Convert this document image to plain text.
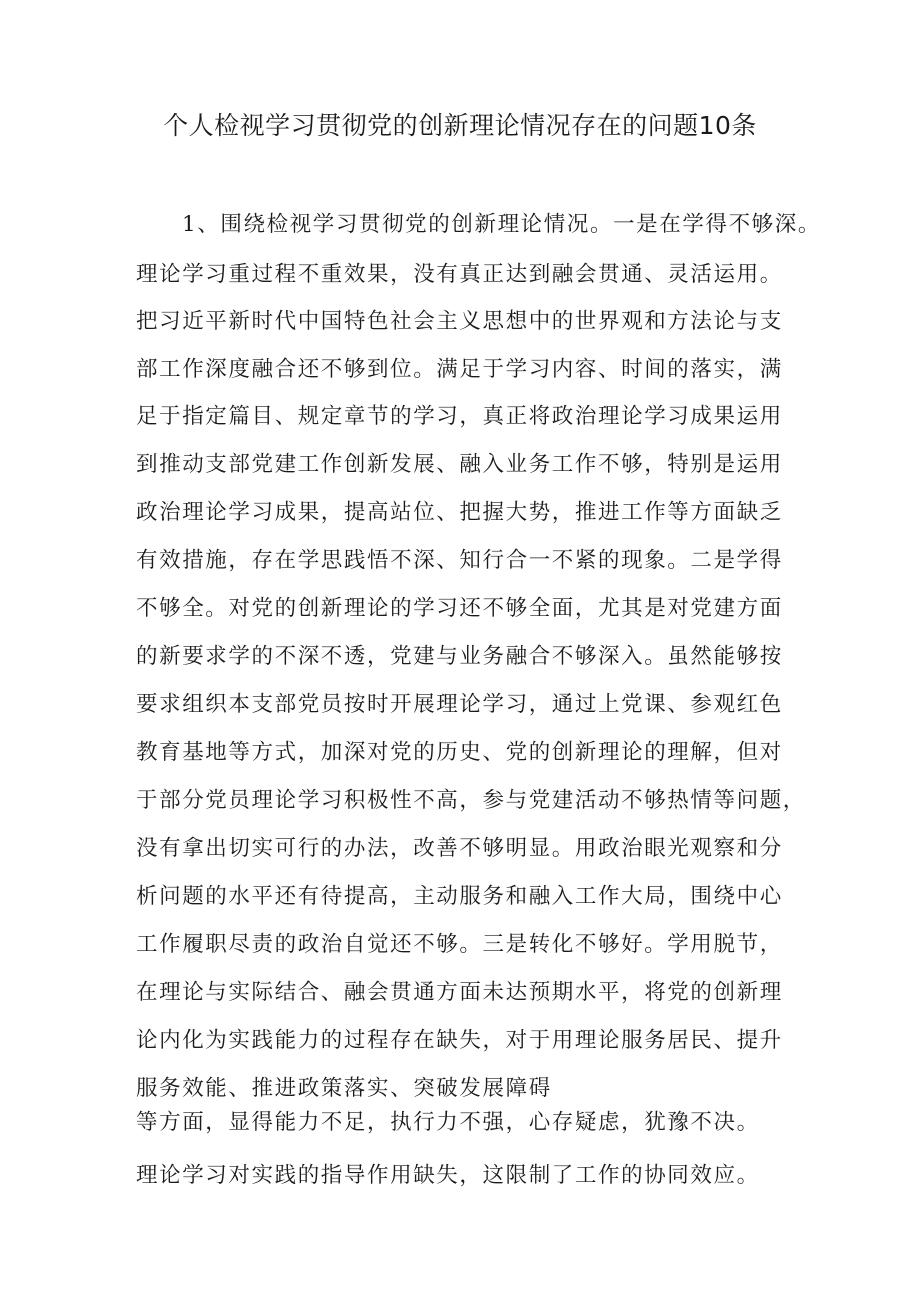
个人检视学习贯彻党的创新理论情况存在的问题10条

1、围绕检视学习贯彻党的创新理论情况。一是在学得不够深。

理论学习重过程不重效果，没有真正达到融会贯通、灵活运用。

把习近平新时代中国特色社会主义思想中的世界观和方法论与支

部工作深度融合还不够到位。满足于学习内容、时间的落实，满

足于指定篇目、规定章节的学习，真正将政治理论学习成果运用

到推动支部党建工作创新发展、融入业务工作不够，特别是运用

政治理论学习成果，提高站位、把握大势，推进工作等方面缺乏

有效措施，存在学思践悟不深、知行合一不紧的现象。二是学得

不够全。对党的创新理论的学习还不够全面，尤其是对党建方面

的新要求学的不深不透，党建与业务融合不够深入。虽然能够按

要求组织本支部党员按时开展理论学习，通过上党课、参观红色

教育基地等方式，加深对党的历史、党的创新理论的理解，但对

于部分党员理论学习积极性不高，参与党建活动不够热情等问题，

没有拿出切实可行的办法，改善不够明显。用政治眼光观察和分

析问题的水平还有待提高，主动服务和融入工作大局，围绕中心

工作履职尽责的政治自觉还不够。三是转化不够好。学用脱节，

在理论与实际结合、融会贯通方面未达预期水平，将党的创新理

论内化为实践能力的过程存在缺失，对于用理论服务居民、提升

服务效能、推进政策落实、突破发展障碍

等方面，显得能力不足，执行力不强，心存疑虑，犹豫不决。

理论学习对实践的指导作用缺失，这限制了工作的协同效应。
